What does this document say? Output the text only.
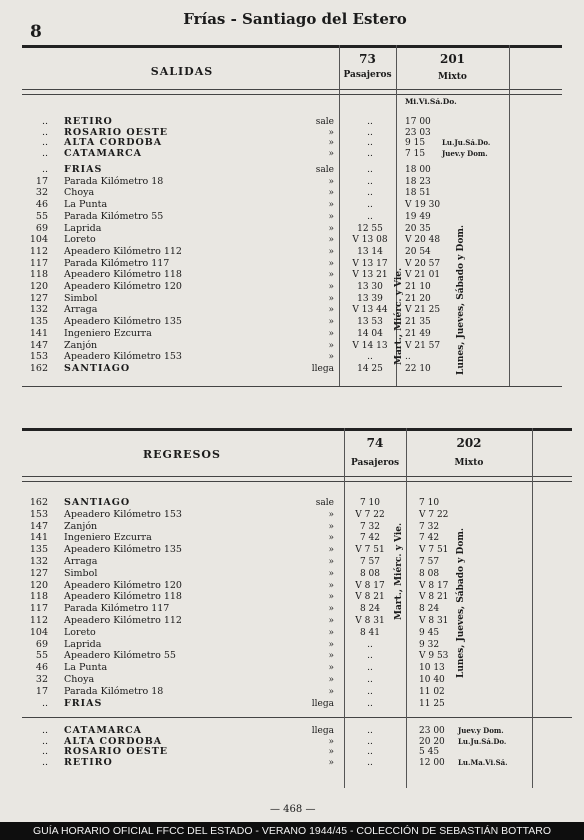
8
Frías - Santiago del Estero
SALIDAS
73
Pasajeros
201
Mixto
Mi.Vi.Sá.Do.
.. RETIRO	sale	..	17 00
.. ROSARIO OESTE	»	..	23 03
.. ALTA CORDOBA	»	..	9 15	Lu.Ju.Sá.Do.
.. CATAMARCA	»	..	7 15	Juev.y Dom.
.. FRIAS	sale	..	18 00
17 Parada Kilómetro 18	»	..	18 23
32 Choya	»	..	18 51
46 La Punta	»	..	V 19 30
55 Parada Kilómetro 55	»	..	19 49
69 Laprida	»	12 55	20 35
104 Loreto	»	V 13 08	V 20 48
112 Apeadero Kilómetro 112	»	13 14	20 54
117 Parada Kilómetro 117	»	V 13 17	V 20 57
118 Apeadero Kilómetro 118	»	V 13 21	V 21 01
120 Apeadero Kilómetro 120	»	13 30	21 10
127 Simbol	»	13 39	21 20
132 Arraga	»	V 13 44	V 21 25
135 Apeadero Kilómetro 135	»	13 53	21 35
141 Ingeniero Ezcurra	»	14 04	21 49
147 Zanjón	»	V 14 13	V 21 57
153 Apeadero Kilómetro 153	»	..	..
162 SANTIAGO	llega	14 25	22 10
Mart., Miérc. y Vie.	Lunes, Jueves, Sábado y Dom.
REGRESOS
74
Pasajeros
202
Mixto
162 SANTIAGO	sale	7 10	7 10
153 Apeadero Kilómetro 153	»	V 7 22	V 7 22
147 Zanjón	»	7 32	7 32
141 Ingeniero Ezcurra	»	7 42	7 42
135 Apeadero Kilómetro 135	»	V 7 51	V 7 51
132 Arraga	»	7 57	7 57
127 Simbol	»	8 08	8 08
120 Apeadero Kilómetro 120	»	V 8 17	V 8 17
118 Apeadero Kilómetro 118	»	V 8 21	V 8 21
117 Parada Kilómetro 117	»	8 24	8 24
112 Apeadero Kilómetro 112	»	V 8 31	V 8 31
104 Loreto	»	8 41	9 45
69 Laprida	»	..	9 32
55 Apeadero Kilómetro 55	»	..	V 9 53
46 La Punta	»	..	10 13
32 Choya	»	..	10 40
17 Parada Kilómetro 18	»	..	11 02
.. FRIAS	llega	..	11 25
.. CATAMARCA	llega	..	23 00	Juev.y Dom.
.. ALTA CORDOBA	»	..	20 20	Lu.Ju.Sá.Do.
.. ROSARIO OESTE	»	..	5 45
.. RETIRO	»	..	12 00	Lu.Ma.Vi.Sá.
Mart., Miérc. y Vie.	Lunes, Jueves, Sábado y Dom.
— 468 —
GUÍA HORARIO OFICIAL FFCC DEL ESTADO - VERANO 1944/45 - COLECCIÓN DE SEBASTIÁN BOTTARO
